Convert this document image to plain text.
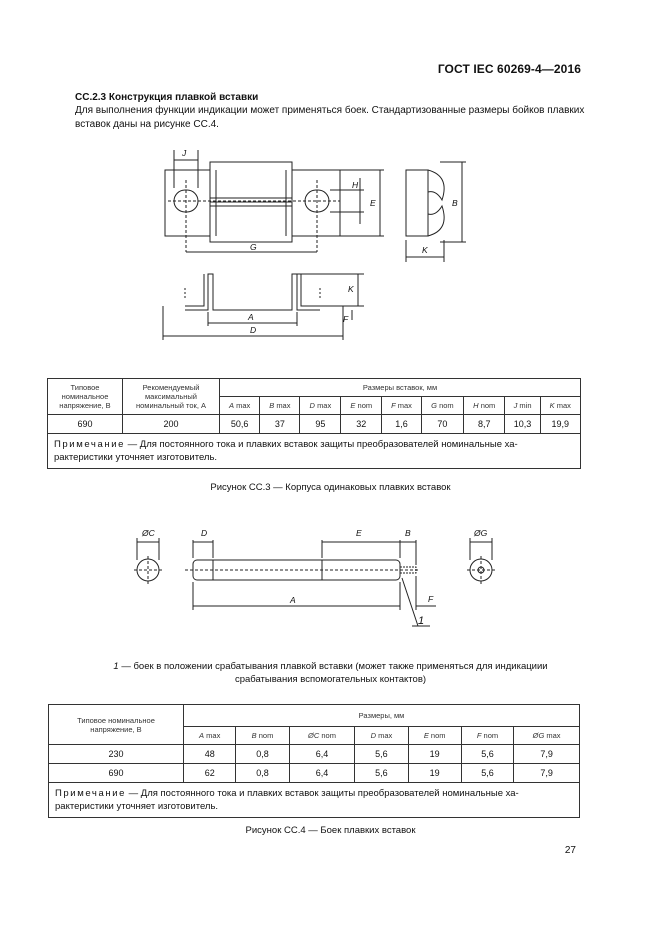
ГОСТ IEC 60269-4—2016
CC.2.3 Конструкция плавкой вставки
Для выполнения функции индикации может применяться боек. Стандартизованные размеры бойков плавких
вставок даны на рисунке CC.4.
J
H
E	B
G	K
K
F
A
D
Типовое
номинальное
напряжение, В	Рекомендуемый
максимальный
номинальный ток, А	Размеры вставок, мм								
		A max	B max	D max	E nom	F max	G nom	H nom	J min	K max
690	200	50,6	37	95	32	1,6	70	8,7	10,3	19,9
Примечание — Для постоянного тока и плавких вставок защиты преобразователей номинальные ха-
рактеристики уточняет изготовитель.										
Рисунок CC.3 — Корпуса одинаковых плавких вставок
ØC	D	E	B	ØG
A	F
1
1 — боек в положении срабатывания плавкой вставки (может также применяться для индикациии
срабатывания вспомогательных контактов)
Типовое номинальное
напряжение, В	Размеры, мм						
	A max	B nom	ØC nom	D max	E nom	F nom	ØG max
230	48	0,8	6,4	5,6	19	5,6	7,9
690	62	0,8	6,4	5,6	19	5,6	7,9
Примечание — Для постоянного тока и плавких вставок защиты преобразователей номинальные ха-
рактеристики уточняет изготовитель.							
Рисунок CC.4 — Боек плавких вставок
27
